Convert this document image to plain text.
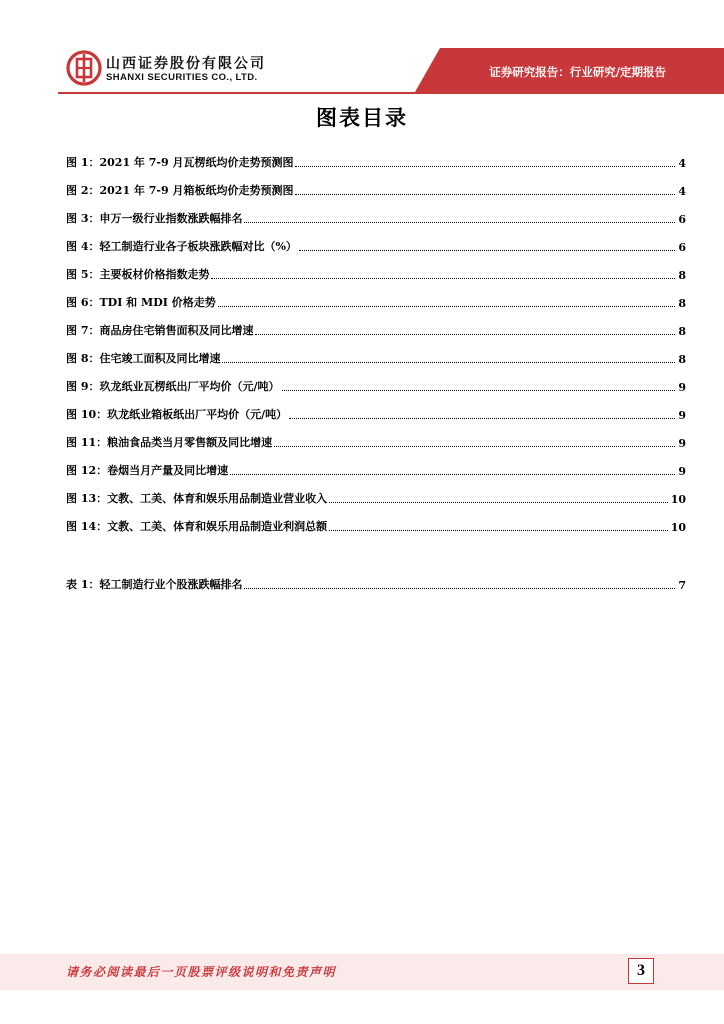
山西证券股份有限公司
SHANXI SECURITIES CO., LTD.	证券研究报告：行业研究/定期报告
图表目录
图 1：2021 年 7-9 月瓦楞纸均价走势预测图	4
图 2：2021 年 7-9 月箱板纸均价走势预测图	4
图 3：申万一级行业指数涨跌幅排名	6
图 4：轻工制造行业各子板块涨跌幅对比（%）	6
图 5：主要板材价格指数走势	8
图 6：TDI 和 MDI 价格走势	8
图 7：商品房住宅销售面积及同比增速	8
图 8：住宅竣工面积及同比增速	8
图 9：玖龙纸业瓦楞纸出厂平均价（元/吨）	9
图 10：玖龙纸业箱板纸出厂平均价（元/吨）	9
图 11：粮油食品类当月零售额及同比增速	9
图 12：卷烟当月产量及同比增速	9
图 13：文教、工美、体育和娱乐用品制造业营业收入	10
图 14：文教、工美、体育和娱乐用品制造业利润总额	10
表 1：轻工制造行业个股涨跌幅排名	7
请务必阅读最后一页股票评级说明和免责声明	3
